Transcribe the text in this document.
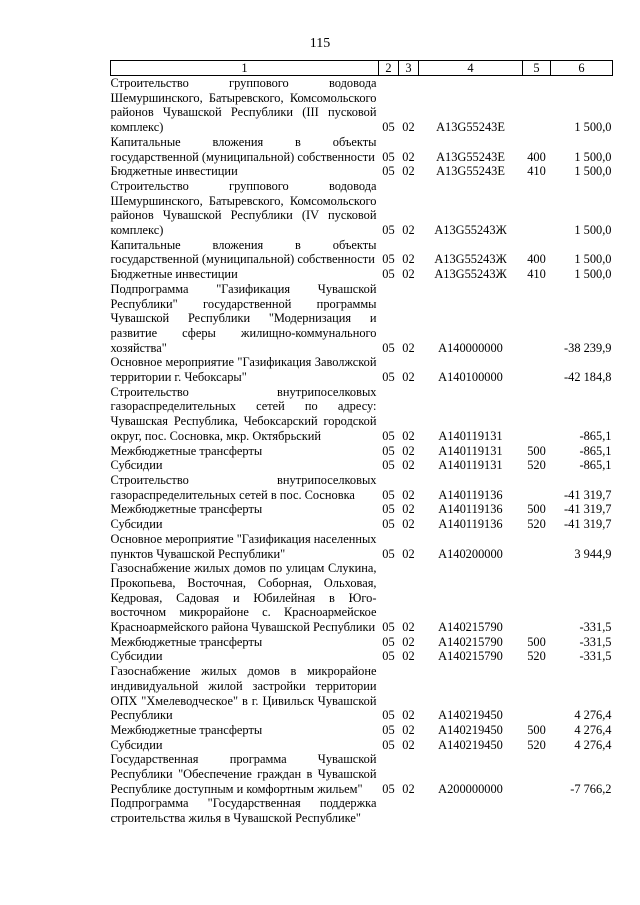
115
1	2	3	4	5	6
Строительство группового водовода Шемуршинского, Батыревского, Комсомольского районов Чувашской Республики (III пусковой комплекс)	05	02	А13G55243Е		1 500,0
Капитальные вложения в объекты государственной (муниципальной) собственности	05	02	А13G55243Е	400	1 500,0
Бюджетные инвестиции	05	02	А13G55243Е	410	1 500,0
Строительство группового водовода Шемуршинского, Батыревского, Комсомольского районов Чувашской Республики (IV пусковой комплекс)	05	02	А13G55243Ж		1 500,0
Капитальные вложения в объекты государственной (муниципальной) собственности	05	02	А13G55243Ж	400	1 500,0
Бюджетные инвестиции	05	02	А13G55243Ж	410	1 500,0
Подпрограмма "Газификация Чувашской Республики" государственной программы Чувашской Республики "Модернизация и развитие сферы жилищно-коммунального хозяйства"	05	02	А140000000		-38 239,9
Основное мероприятие "Газификация Заволжской территории г. Чебоксары"	05	02	А140100000		-42 184,8
Строительство внутрипоселковых газораспределительных сетей по адресу: Чувашская Республика, Чебоксарский городской округ, пос. Сосновка, мкр. Октябрьский	05	02	А140119131		-865,1
Межбюджетные трансферты	05	02	А140119131	500	-865,1
Субсидии	05	02	А140119131	520	-865,1
Строительство внутрипоселковых газораспределительных сетей в пос. Сосновка	05	02	А140119136		-41 319,7
Межбюджетные трансферты	05	02	А140119136	500	-41 319,7
Субсидии	05	02	А140119136	520	-41 319,7
Основное мероприятие "Газификация населенных пунктов Чувашской Республики"	05	02	А140200000		3 944,9
Газоснабжение жилых домов по улицам Слукина, Прокопьева, Восточная, Соборная, Ольховая, Кедровая, Садовая и Юбилейная в Юго-восточном микрорайоне с. Красноармейское Красноармейского района Чувашской Республики	05	02	А140215790		-331,5
Межбюджетные трансферты	05	02	А140215790	500	-331,5
Субсидии	05	02	А140215790	520	-331,5
Газоснабжение жилых домов в микрорайоне индивидуальной жилой застройки территории ОПХ "Хмелеводческое" в г. Цивильск Чувашской Республики	05	02	А140219450		4 276,4
Межбюджетные трансферты	05	02	А140219450	500	4 276,4
Субсидии	05	02	А140219450	520	4 276,4
Государственная программа Чувашской Республики "Обеспечение граждан в Чувашской Республике доступным и комфортным жильем"	05	02	А200000000		-7 766,2
Подпрограмма "Государственная поддержка строительства жилья в Чувашской Республике"					
